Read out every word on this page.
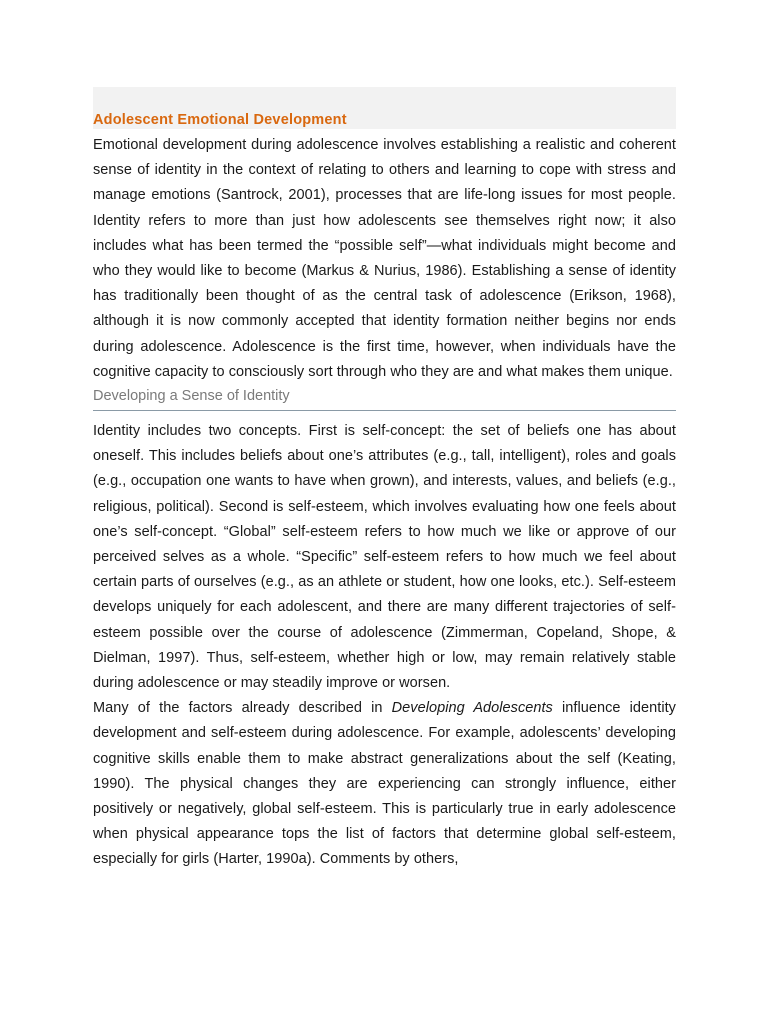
Adolescent Emotional Development

Emotional development during adolescence involves establishing a realistic and coherent sense of identity in the context of relating to others and learning to cope with stress and manage emotions (Santrock, 2001), processes that are life-long issues for most people. Identity refers to more than just how adolescents see themselves right now; it also includes what has been termed the “possible self”—what individuals might become and who they would like to become (Markus & Nurius, 1986). Establishing a sense of identity has traditionally been thought of as the central task of adolescence (Erikson, 1968), although it is now commonly accepted that identity formation neither begins nor ends during adolescence. Adolescence is the first time, however, when individuals have the cognitive capacity to consciously sort through who they are and what makes them unique.

Developing a Sense of Identity

Identity includes two concepts. First is self-concept: the set of beliefs one has about oneself. This includes beliefs about one’s attributes (e.g., tall, intelligent), roles and goals (e.g., occupation one wants to have when grown), and interests, values, and beliefs (e.g., religious, political). Second is self-esteem, which involves evaluating how one feels about one’s self-concept. “Global” self-esteem refers to how much we like or approve of our perceived selves as a whole. “Specific” self-esteem refers to how much we feel about certain parts of ourselves (e.g., as an athlete or student, how one looks, etc.). Self-esteem develops uniquely for each adolescent, and there are many different trajectories of self-esteem possible over the course of adolescence (Zimmerman, Copeland, Shope, & Dielman, 1997). Thus, self-esteem, whether high or low, may remain relatively stable during adolescence or may steadily improve or worsen.

Many of the factors already described in Developing Adolescents influence identity development and self-esteem during adolescence. For example, adolescents’ developing cognitive skills enable them to make abstract generalizations about the self (Keating, 1990). The physical changes they are experiencing can strongly influence, either positively or negatively, global self-esteem. This is particularly true in early adolescence when physical appearance tops the list of factors that determine global self-esteem, especially for girls (Harter, 1990a). Comments by others,
